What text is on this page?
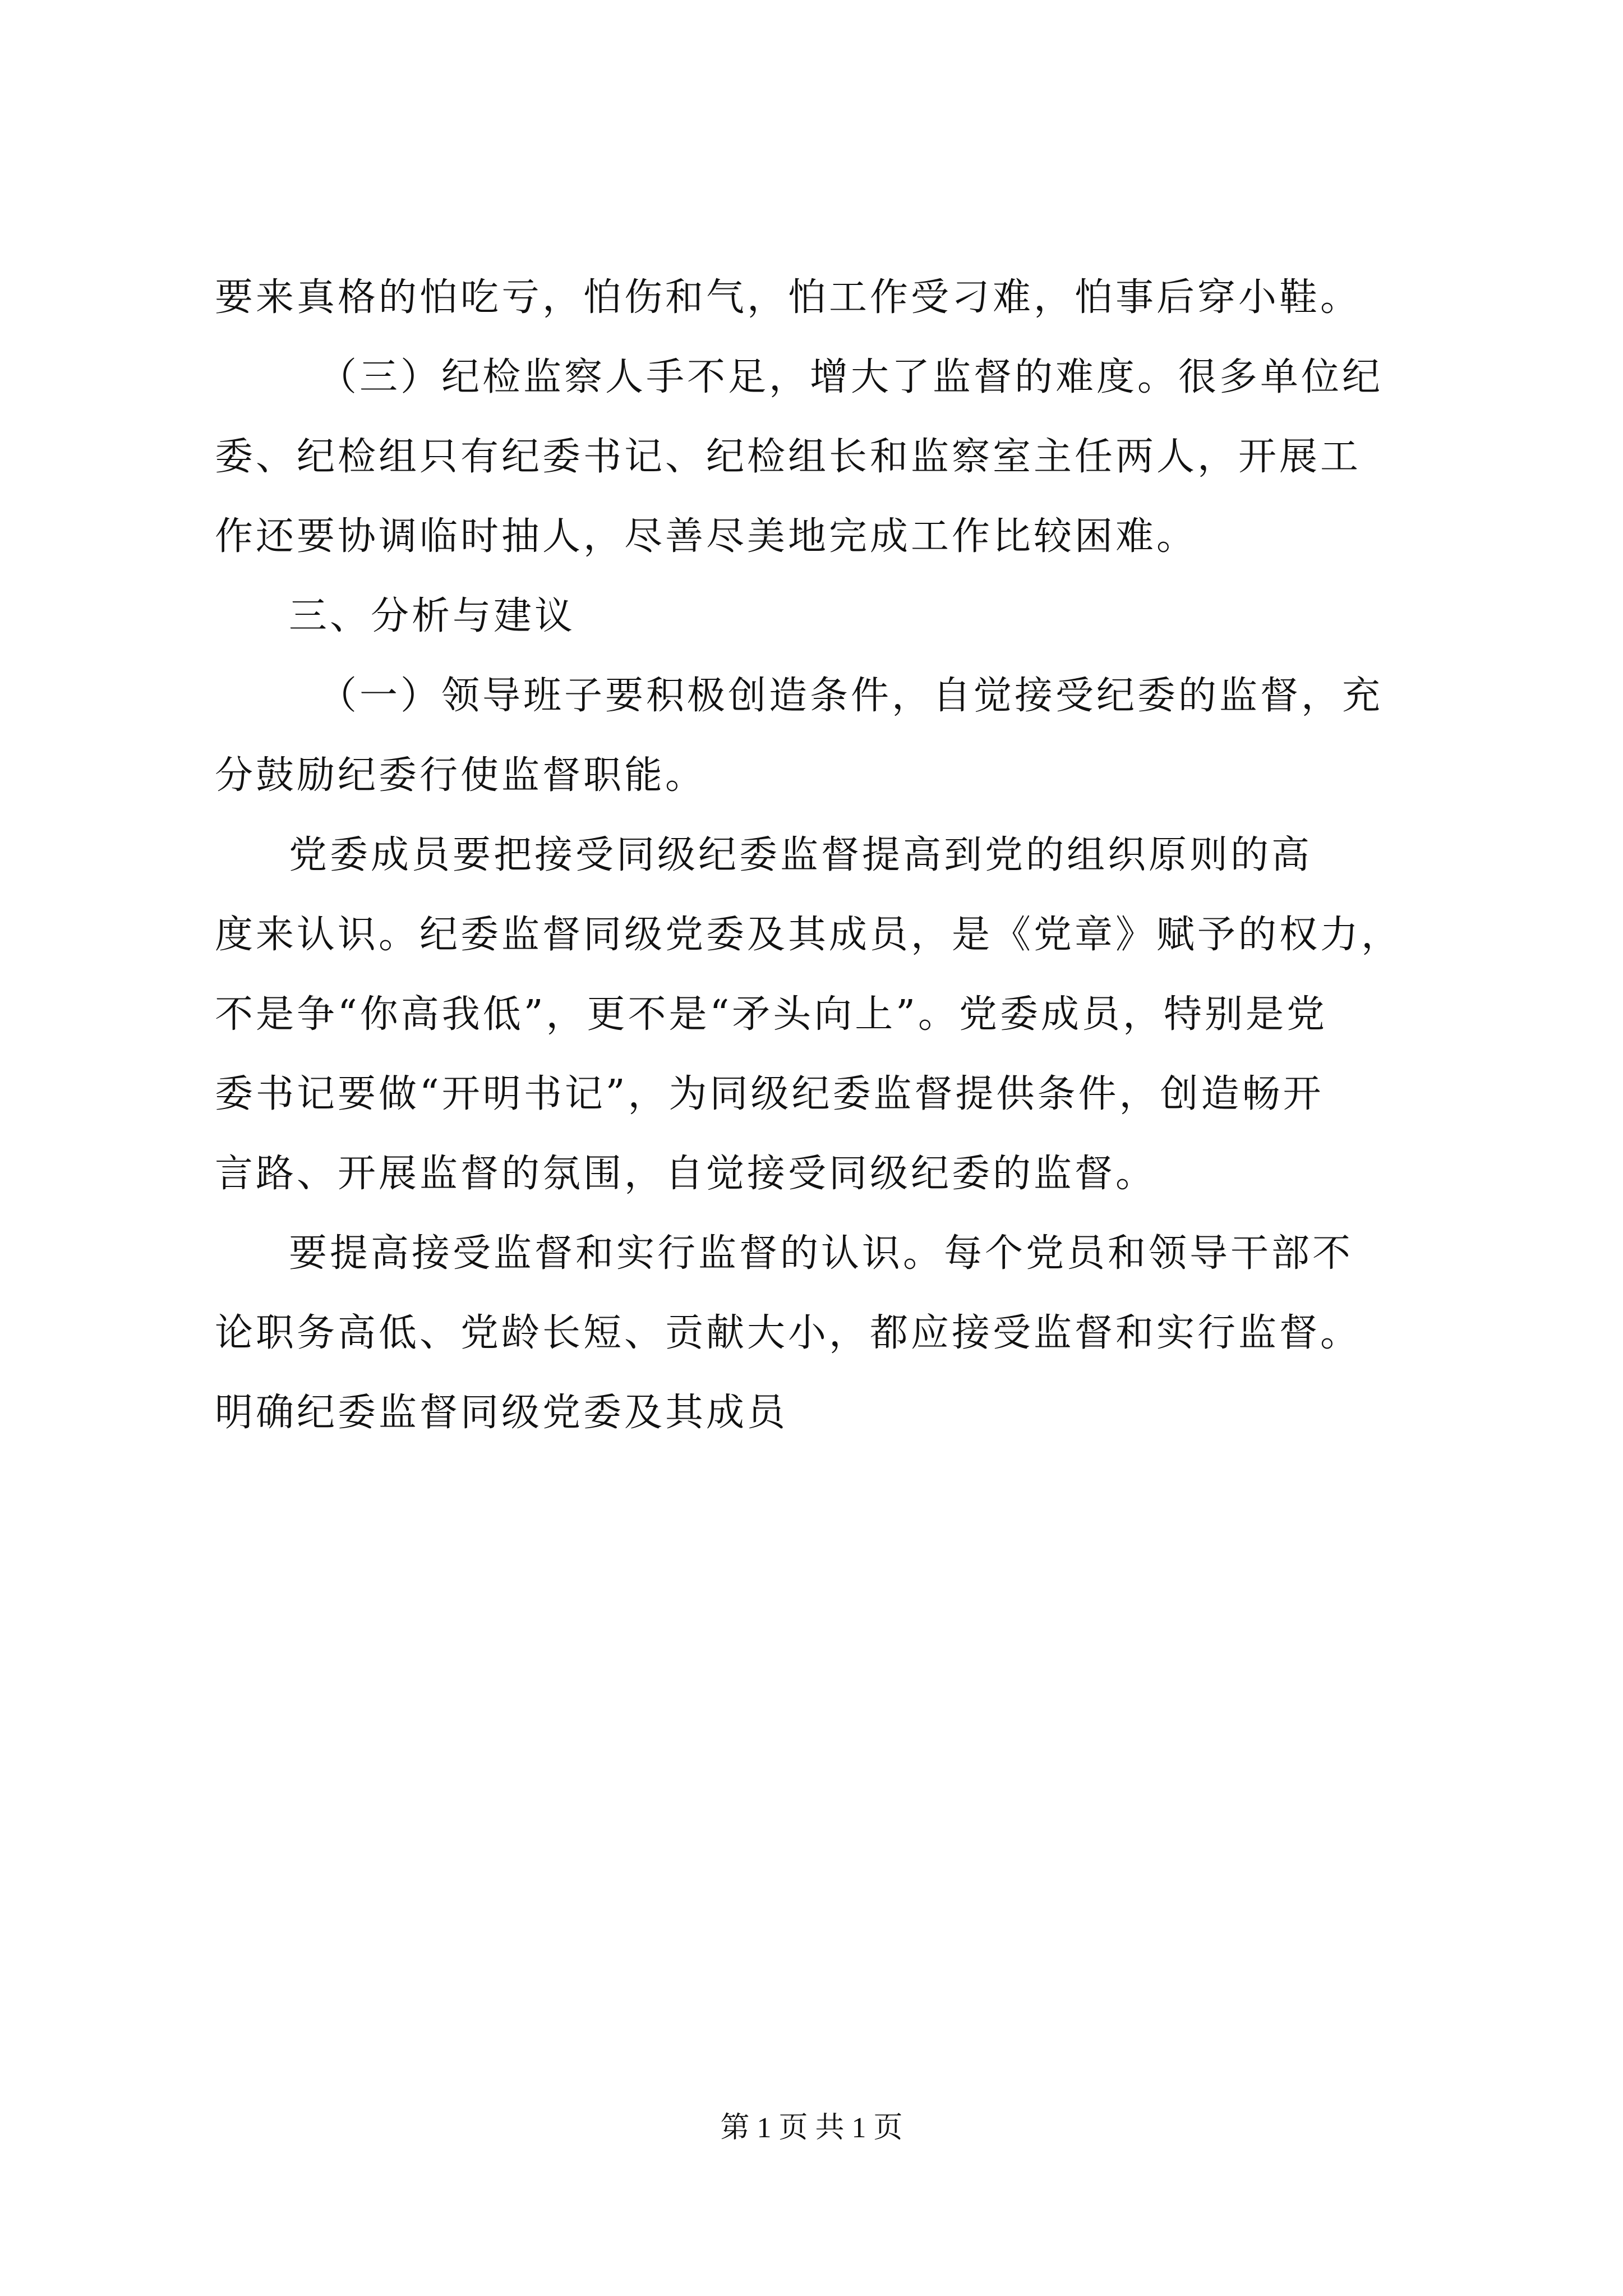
要来真格的怕吃亏，怕伤和气，怕工作受刁难，怕事后穿小鞋。
（三）纪检监察人手不足，增大了监督的难度。很多单位纪
委、纪检组只有纪委书记、纪检组长和监察室主任两人，开展工
作还要协调临时抽人，尽善尽美地完成工作比较困难。
三、分析与建议
（一）领导班子要积极创造条件，自觉接受纪委的监督，充
分鼓励纪委行使监督职能。
党委成员要把接受同级纪委监督提高到党的组织原则的高
度来认识。纪委监督同级党委及其成员，是《党章》赋予的权力，
不是争“你高我低”，更不是“矛头向上”。党委成员，特别是党
委书记要做“开明书记”，为同级纪委监督提供条件，创造畅开
言路、开展监督的氛围，自觉接受同级纪委的监督。
要提高接受监督和实行监督的认识。每个党员和领导干部不
论职务高低、党龄长短、贡献大小，都应接受监督和实行监督。
明确纪委监督同级党委及其成员
第 1 页 共 1 页
